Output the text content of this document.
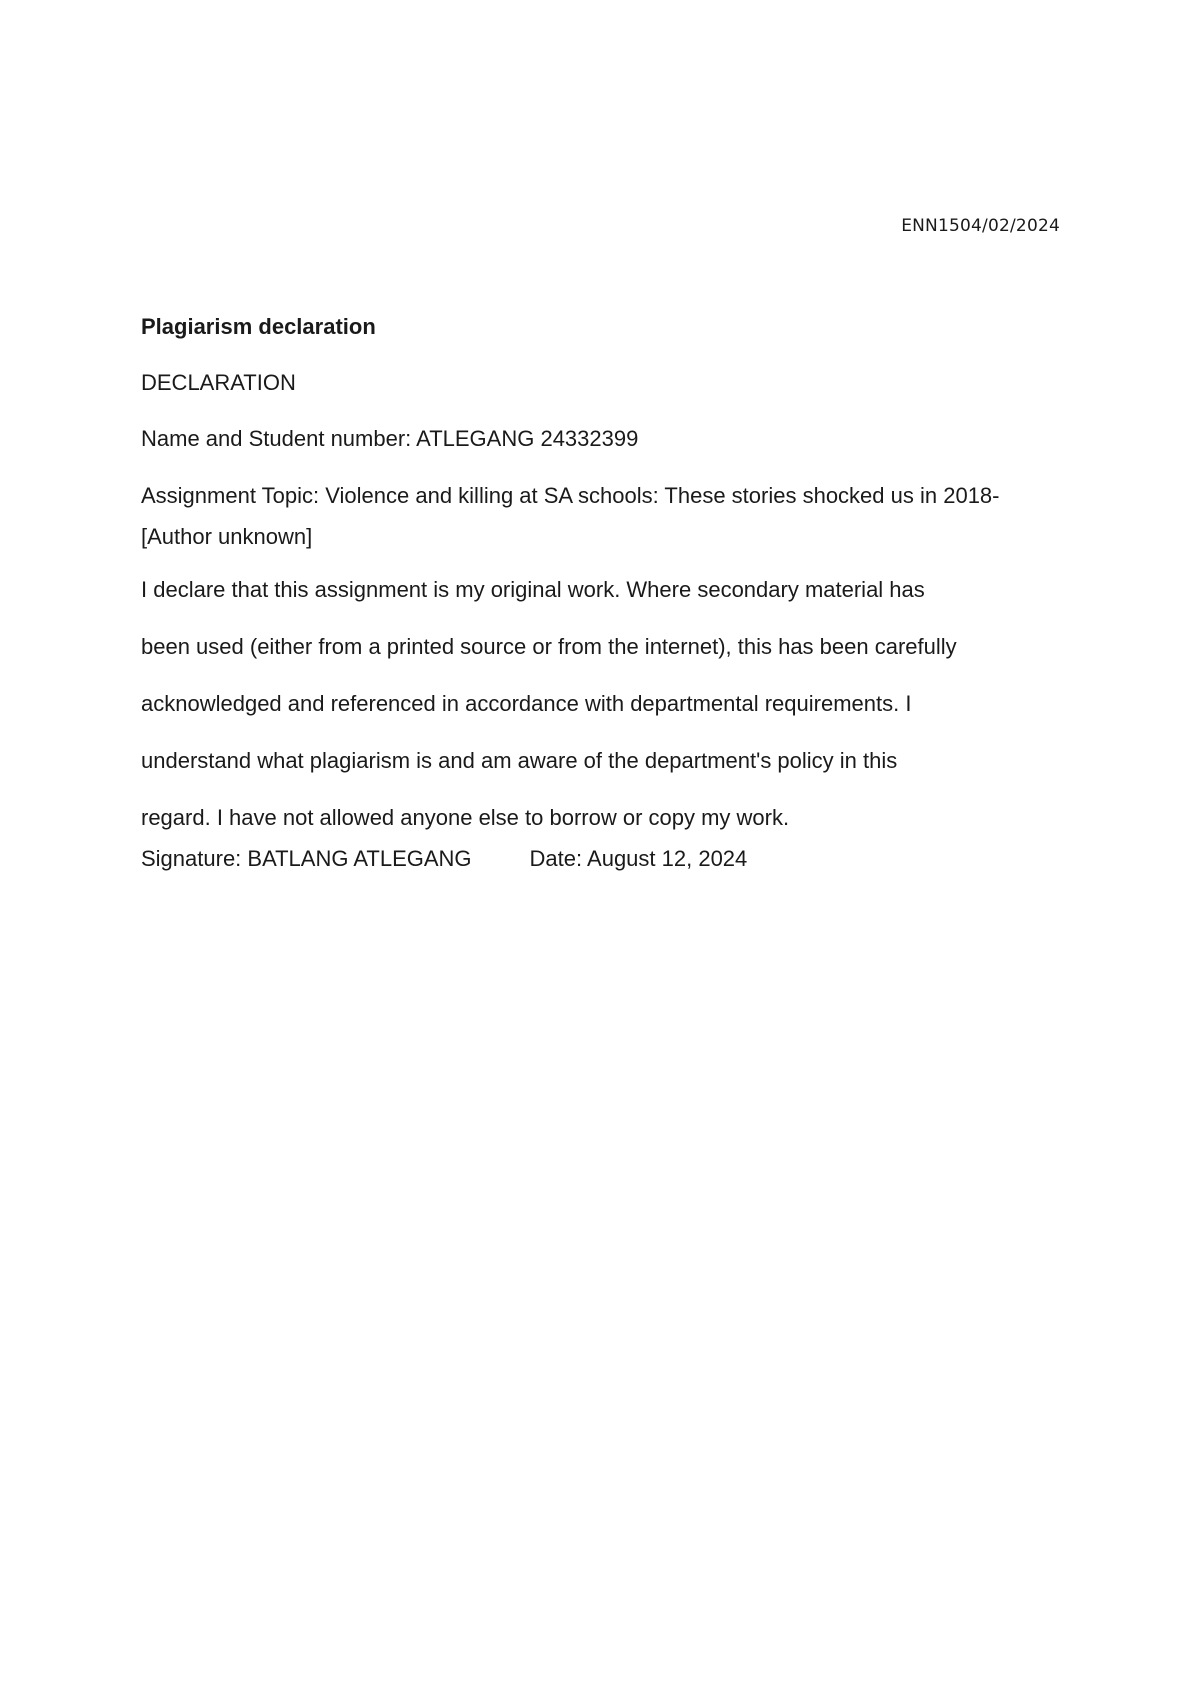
ENN1504/02/2024
Plagiarism declaration
DECLARATION
Name and Student number: ATLEGANG 24332399
Assignment Topic: Violence and killing at SA schools: These stories shocked us in 2018- [Author unknown]
I declare that this assignment is my original work. Where secondary material has
been used (either from a printed source or from the internet), this has been carefully
acknowledged and referenced in accordance with departmental requirements. I
understand what plagiarism is and am aware of the department's policy in this
regard. I have not allowed anyone else to borrow or copy my work.
Signature: BATLANG ATLEGANG	Date: August 12, 2024
